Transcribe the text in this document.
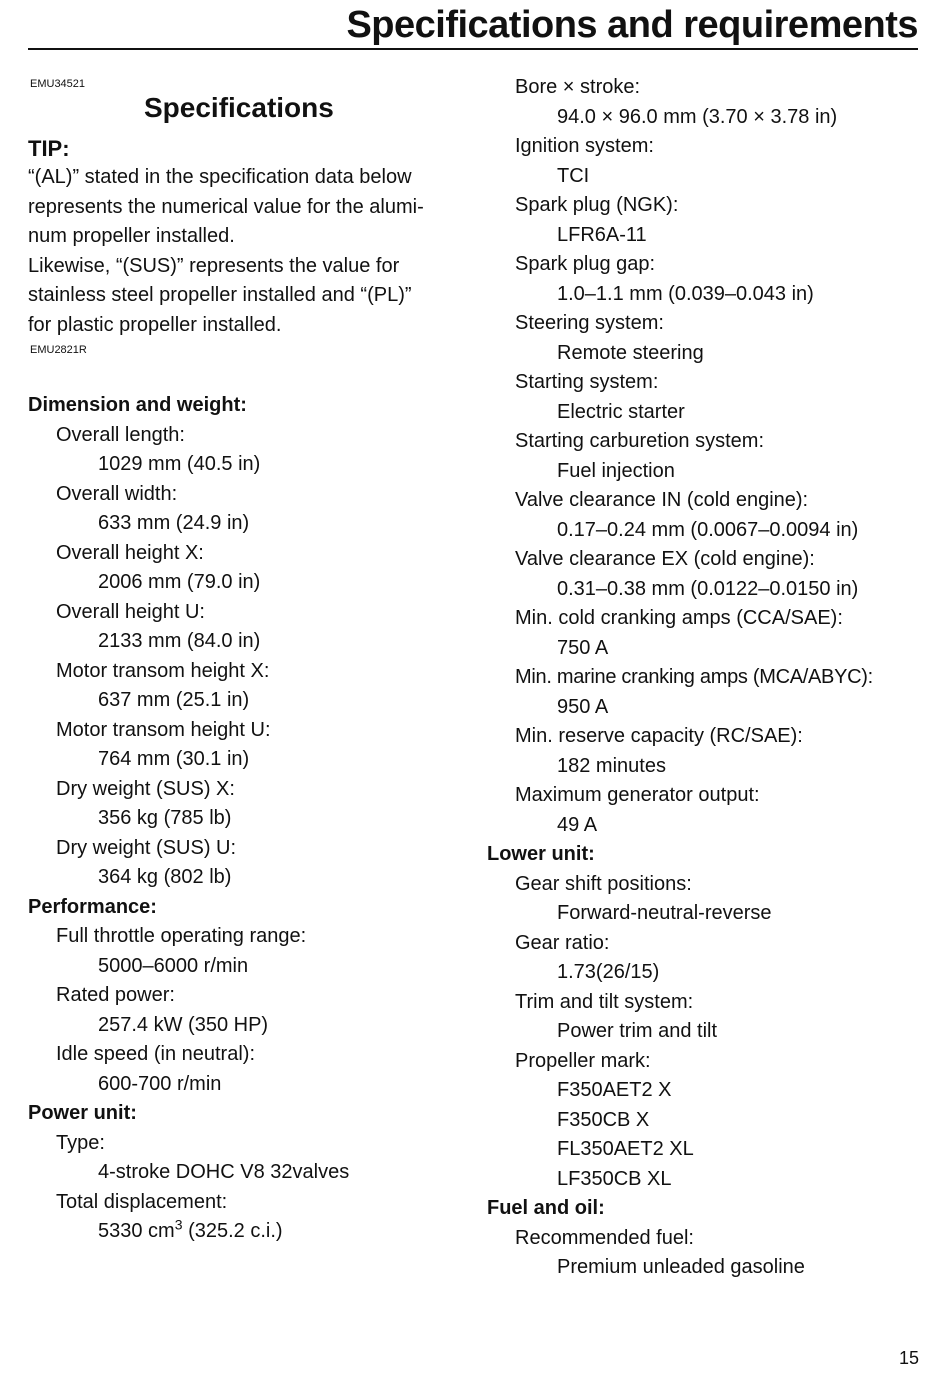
Specifications and requirements
EMU34521
Specifications
TIP:

“(AL)” stated in the specification data below
represents the numerical value for the alumi-
num propeller installed.

Likewise, “(SUS)” represents the value for
stainless steel propeller installed and “(PL)”
for plastic propeller installed.

EMU2821R
Dimension and weight:
Overall length:
1029 mm (40.5 in)
Overall width:
633 mm (24.9 in)
Overall height X:
2006 mm (79.0 in)
Overall height U:
2133 mm (84.0 in)
Motor transom height X:
637 mm (25.1 in)
Motor transom height U:
764 mm (30.1 in)
Dry weight (SUS) X:
356 kg (785 lb)
Dry weight (SUS) U:
364 kg (802 lb)
Performance:
Full throttle operating range:
5000–6000 r/min
Rated power:
257.4 kW (350 HP)
Idle speed (in neutral):
600-700 r/min
Power unit:
Type:
4-stroke DOHC V8 32valves
Total displacement:
5330 $cm^3$ (325.2 c.i.)
Bore × stroke:
94.0 × 96.0 mm (3.70 × 3.78 in)
Ignition system:
TCI
Spark plug (NGK):
LFR6A-11
Spark plug gap:
1.0–1.1 mm (0.039–0.043 in)
Steering system:
Remote steering
Starting system:
Electric starter
Starting carburetion system:
Fuel injection
Valve clearance IN (cold engine):
0.17–0.24 mm (0.0067–0.0094 in)
Valve clearance EX (cold engine):
0.31–0.38 mm (0.0122–0.0150 in)
Min. cold cranking amps (CCA/SAE):
750 A
Min. marine cranking amps (MCA/ABYC):
950 A
Min. reserve capacity (RC/SAE):
182 minutes
Maximum generator output:
49 A
Lower unit:
Gear shift positions:
Forward-neutral-reverse
Gear ratio:
1.73(26/15)
Trim and tilt system:
Power trim and tilt
Propeller mark:
F350AET2 X
F350CB X
FL350AET2 XL
LF350CB XL
Fuel and oil:
Recommended fuel:
Premium unleaded gasoline
15
